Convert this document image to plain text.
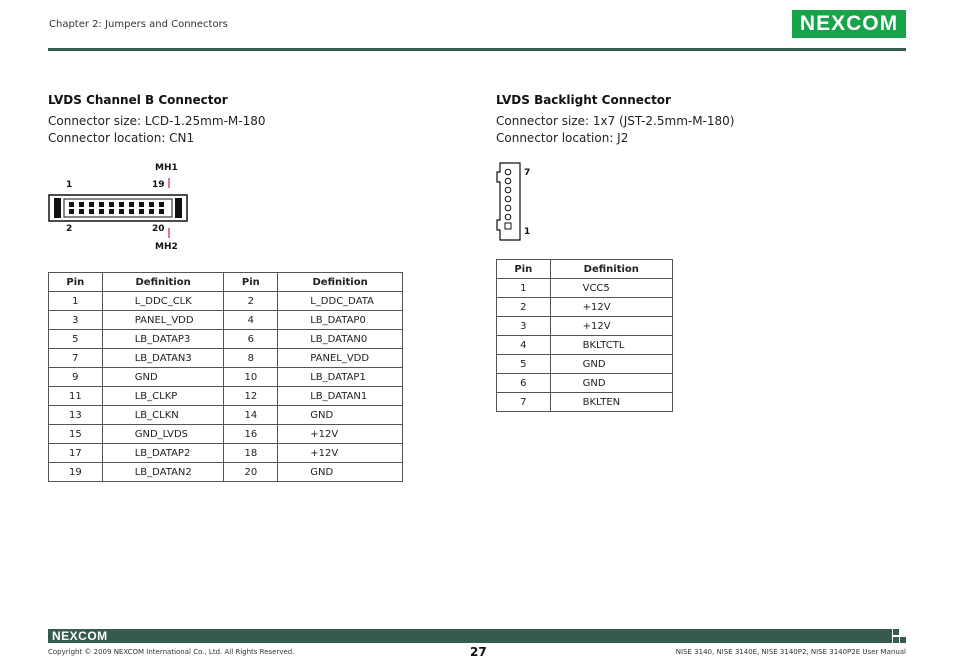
Chapter 2: Jumpers and Connectors	NEXCOM
LVDS Channel B Connector
Connector size: LCD-1.25mm-M-180
Connector location: CN1
MH1
1	19
2	20
MH2
Pin	Definition	Pin	Definition
1	L_DDC_CLK	2	L_DDC_DATA
3	PANEL_VDD	4	LB_DATAP0
5	LB_DATAP3	6	LB_DATAN0
7	LB_DATAN3	8	PANEL_VDD
9	GND	10	LB_DATAP1
11	LB_CLKP	12	LB_DATAN1
13	LB_CLKN	14	GND
15	GND_LVDS	16	+12V
17	LB_DATAP2	18	+12V
19	LB_DATAN2	20	GND
LVDS Backlight Connector
Connector size: 1x7 (JST-2.5mm-M-180)
Connector location: J2
7
1
Pin	Definition
1	VCC5
2	+12V
3	+12V
4	BKLTCTL
5	GND
6	GND
7	BKLTEN
NEXCOM
Copyright © 2009 NEXCOM International Co., Ltd. All Rights Reserved.	27	NISE 3140, NISE 3140E, NISE 3140P2, NISE 3140P2E User Manual
